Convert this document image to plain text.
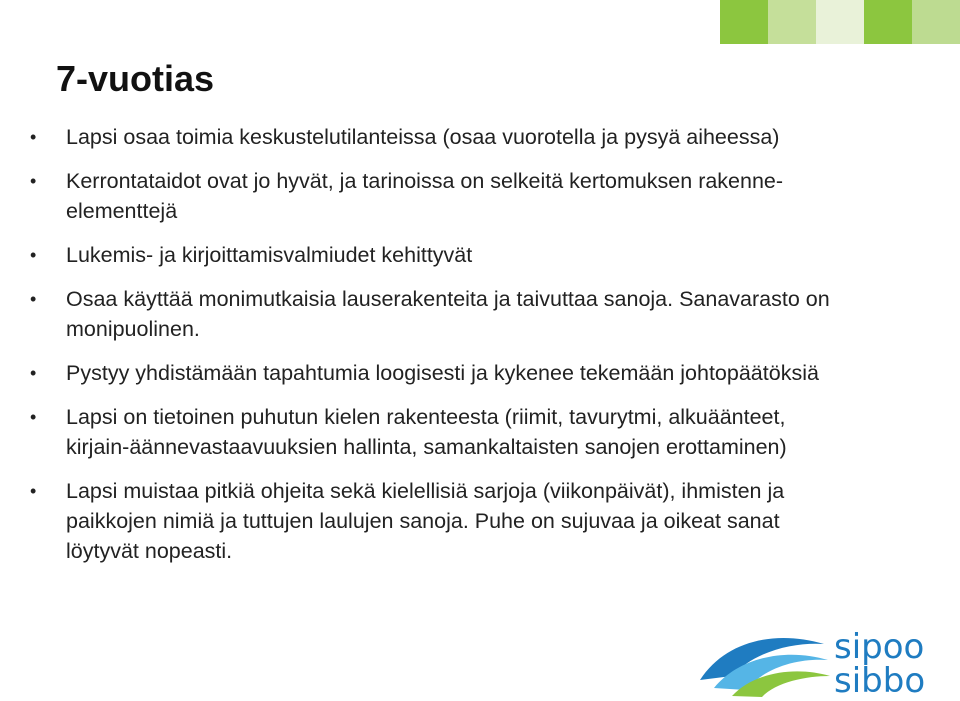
7-vuotias
• Lapsi osaa toimia keskustelutilanteissa (osaa vuorotella ja pysyä aiheessa)
• Kerrontataidot ovat jo hyvät, ja tarinoissa on selkeitä kertomuksen rakenne-elementtejä
• Lukemis- ja kirjoittamisvalmiudet kehittyvät
• Osaa käyttää monimutkaisia lauserakenteita ja taivuttaa sanoja. Sanavarasto on monipuolinen.
• Pystyy yhdistämään tapahtumia loogisesti ja kykenee tekemään johtopäätöksiä
• Lapsi on tietoinen puhutun kielen rakenteesta (riimit, tavurytmi, alkuäänteet, kirjain-äännevastaavuuksien hallinta, samankaltaisten sanojen erottaminen)
• Lapsi muistaa pitkiä ohjeita sekä kielellisiä sarjoja (viikonpäivät), ihmisten ja paikkojen nimiä ja tuttujen laulujen sanoja. Puhe on sujuvaa ja oikeat sanat löytyvät nopeasti.
sipoo
sibbo
